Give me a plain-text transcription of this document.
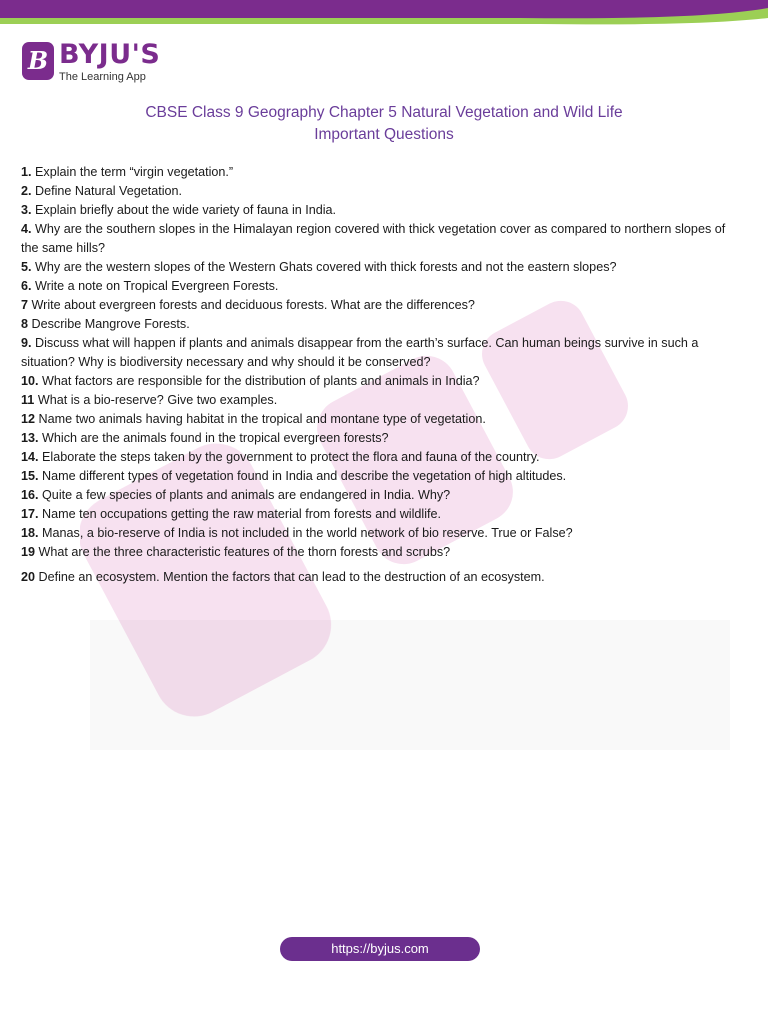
B BYJU'S
The Learning App
CBSE Class 9 Geography Chapter 5 Natural Vegetation and Wild Life
Important Questions
1. Explain the term “virgin vegetation.”
2. Define Natural Vegetation.
3. Explain briefly about the wide variety of fauna in India.
4. Why are the southern slopes in the Himalayan region covered with thick vegetation cover as compared to northern slopes of the same hills?
5. Why are the western slopes of the Western Ghats covered with thick forests and not the eastern slopes?
6. Write a note on Tropical Evergreen Forests.
7 Write about evergreen forests and deciduous forests. What are the differences?
8 Describe Mangrove Forests.
9. Discuss what will happen if plants and animals disappear from the earth’s surface. Can human beings survive in such a situation? Why is biodiversity necessary and why should it be conserved?
10. What factors are responsible for the distribution of plants and animals in India?
11 What is a bio-reserve? Give two examples.
12 Name two animals having habitat in the tropical and montane type of vegetation.
13. Which are the animals found in the tropical evergreen forests?
14. Elaborate the steps taken by the government to protect the flora and fauna of the country.
15. Name different types of vegetation found in India and describe the vegetation of high altitudes.
16. Quite a few species of plants and animals are endangered in India. Why?
17. Name ten occupations getting the raw material from forests and wildlife.
18. Manas, a bio-reserve of India is not included in the world network of bio reserve. True or False?
19 What are the three characteristic features of the thorn forests and scrubs?
20 Define an ecosystem. Mention the factors that can lead to the destruction of an ecosystem.
https://byjus.com
